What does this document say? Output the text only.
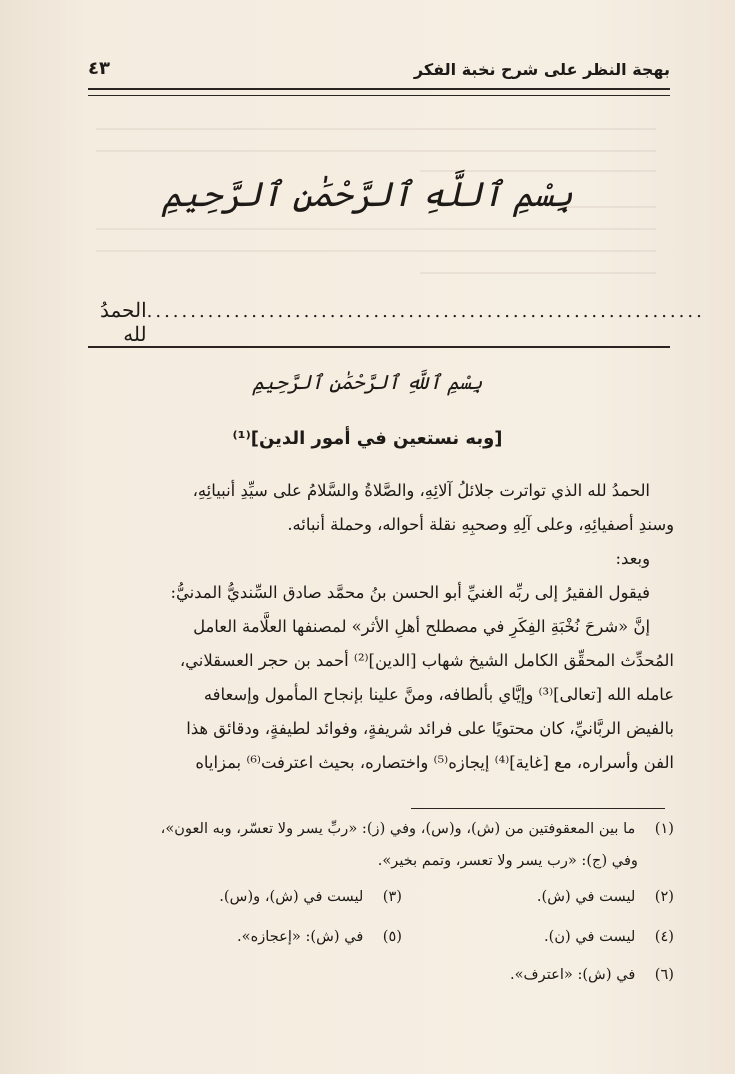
بهجة النظر على شرح نخبة الفكر
٤٣
بِسْمِ ٱللَّهِ ٱلرَّحْمَٰنِ ٱلرَّحِيمِ
الحمدُ لله
................................................................
بِسْمِ ٱللَّهِ ٱلرَّحْمَٰنِ ٱلرَّحِيمِ
[وبه نستعين في أمور الدين]⁽¹⁾
الحمدُ لله الذي تواترت جلائلُ آلائِهِ، والصَّلاةُ والسَّلامُ على سيِّدِ أنبيائِهِ،
وسندِ أصفيائِهِ، وعلى آلِهِ وصحبِهِ نقلة أحواله، وحملة أنبائه.
وبعد:
فيقول الفقيرُ إلى ربِّه الغنيِّ أبو الحسن بنُ محمَّد صادق السِّنديُّ المدنيُّ:
إنَّ «شرحَ نُخْبَةِ الفِكَرِ في مصطلح أهلِ الأثر» لمصنفها العلَّامة العامل
المُحدِّث المحقِّق الكامل الشيخ شهاب [الدين]⁽²⁾ أحمد بن حجر العسقلاني،
عامله الله [تعالى]⁽³⁾ وإيَّاي بألطافه، ومنَّ علينا بإنجاح المأمول وإسعافه
بالفيض الربَّانيِّ، كان محتويًا على فرائد شريفةٍ، وفوائد لطيفةٍ، ودقائق هذا
الفن وأسراره، مع [غاية]⁽⁴⁾ إيجازه⁽⁵⁾ واختصاره، بحيث اعترفت⁽⁶⁾ بمزاياه
(١) ما بين المعقوفتين من (ش)، و(س)، وفي (ز): «ربِّ يسر ولا تعسّر، وبه العون»،
وفي (ج): «رب يسر ولا تعسر، وتمم بخير».
(٢) ليست في (ش).
(٣) ليست في (ش)، و(س).
(٤) ليست في (ن).
(٥) في (ش): «إعجازه».
(٦) في (ش): «اعترف».
